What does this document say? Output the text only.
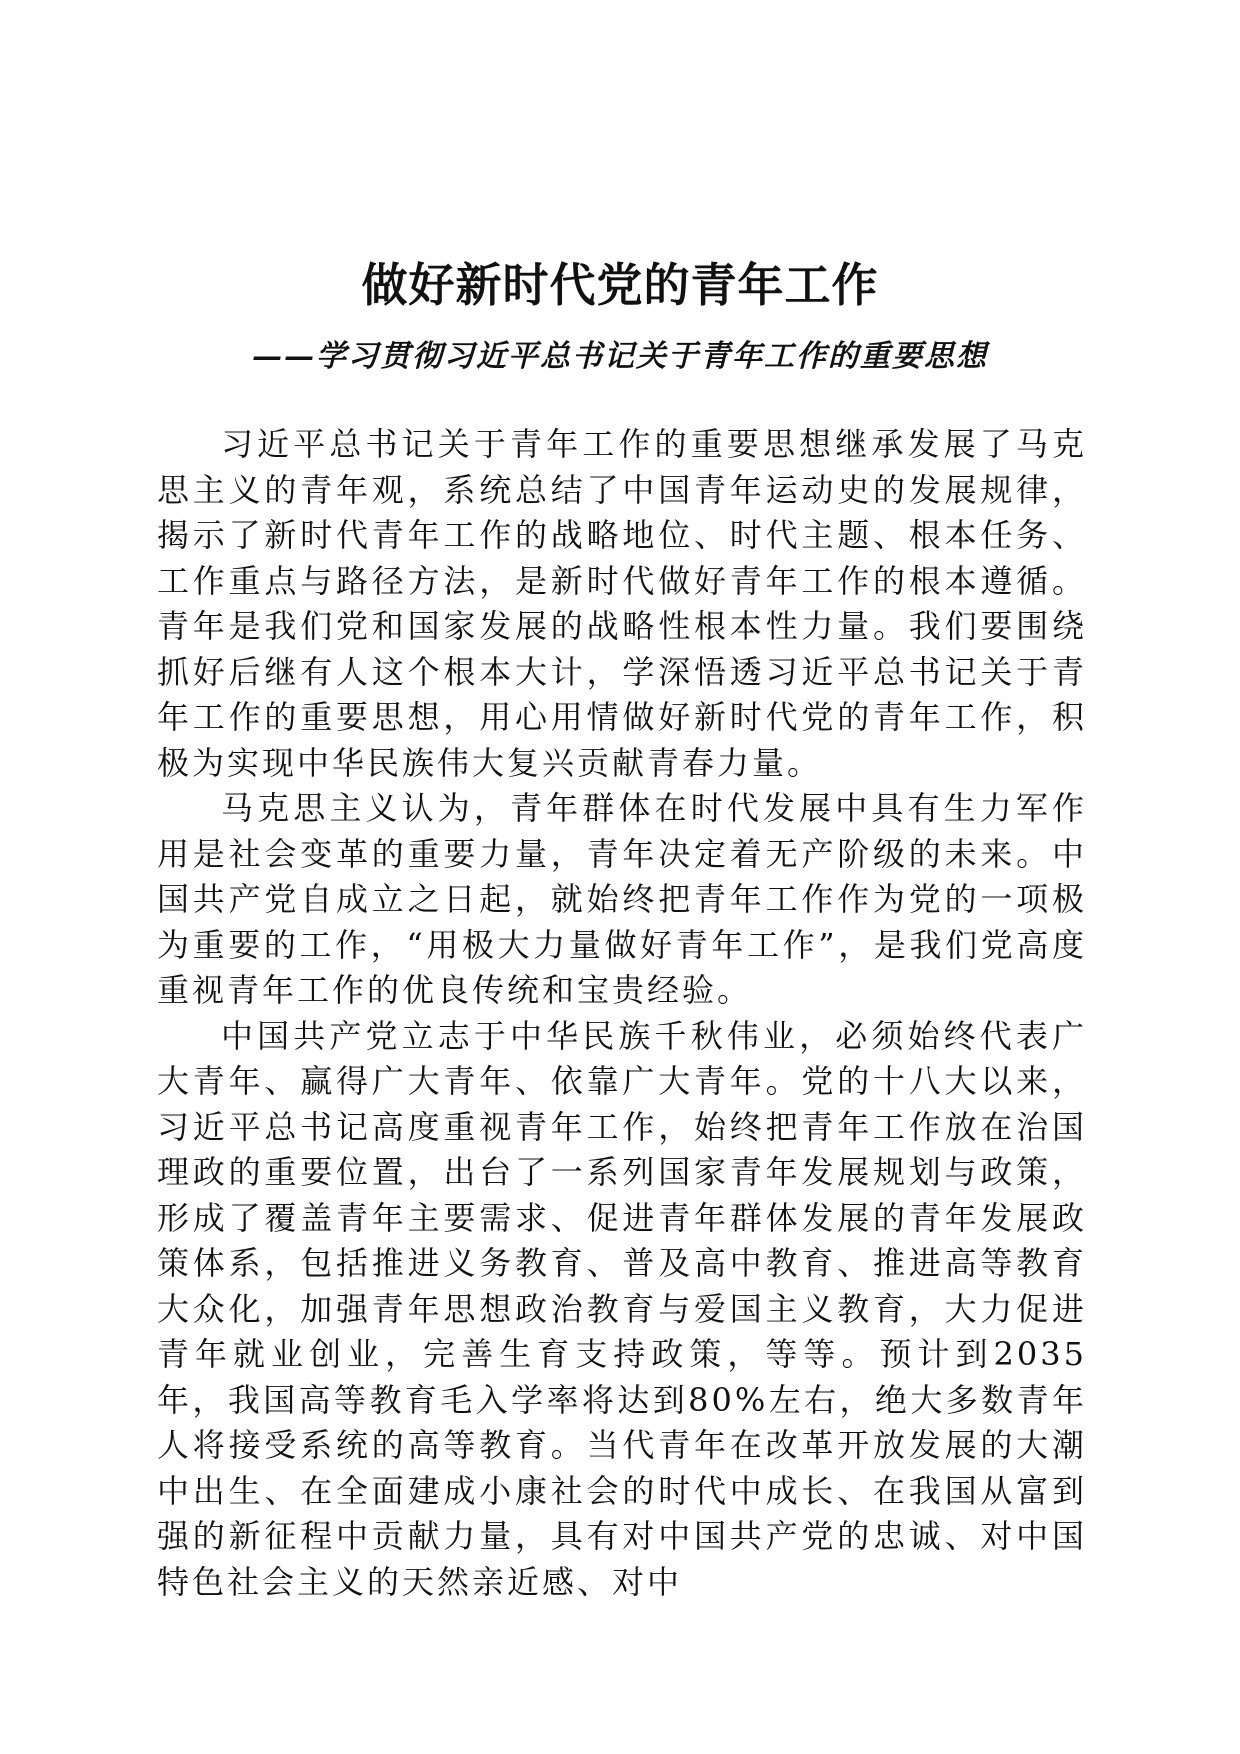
做好新时代党的青年工作
——学习贯彻习近平总书记关于青年工作的重要思想

习近平总书记关于青年工作的重要思想继承发展了马克思主义的青年观，系统总结了中国青年运动史的发展规律，揭示了新时代青年工作的战略地位、时代主题、根本任务、工作重点与路径方法，是新时代做好青年工作的根本遵循。青年是我们党和国家发展的战略性根本性力量。我们要围绕抓好后继有人这个根本大计，学深悟透习近平总书记关于青年工作的重要思想，用心用情做好新时代党的青年工作，积极为实现中华民族伟大复兴贡献青春力量。

马克思主义认为，青年群体在时代发展中具有生力军作用是社会变革的重要力量，青年决定着无产阶级的未来。中国共产党自成立之日起，就始终把青年工作作为党的一项极为重要的工作，“用极大力量做好青年工作”，是我们党高度重视青年工作的优良传统和宝贵经验。

中国共产党立志于中华民族千秋伟业，必须始终代表广大青年、赢得广大青年、依靠广大青年。党的十八大以来，习近平总书记高度重视青年工作，始终把青年工作放在治国理政的重要位置，出台了一系列国家青年发展规划与政策，形成了覆盖青年主要需求、促进青年群体发展的青年发展政策体系，包括推进义务教育、普及高中教育、推进高等教育大众化，加强青年思想政治教育与爱国主义教育，大力促进青年就业创业，完善生育支持政策，等等。预计到2035年，我国高等教育毛入学率将达到80%左右，绝大多数青年人将接受系统的高等教育。当代青年在改革开放发展的大潮中出生、在全面建成小康社会的时代中成长、在我国从富到强的新征程中贡献力量，具有对中国共产党的忠诚、对中国特色社会主义的天然亲近感、对中
